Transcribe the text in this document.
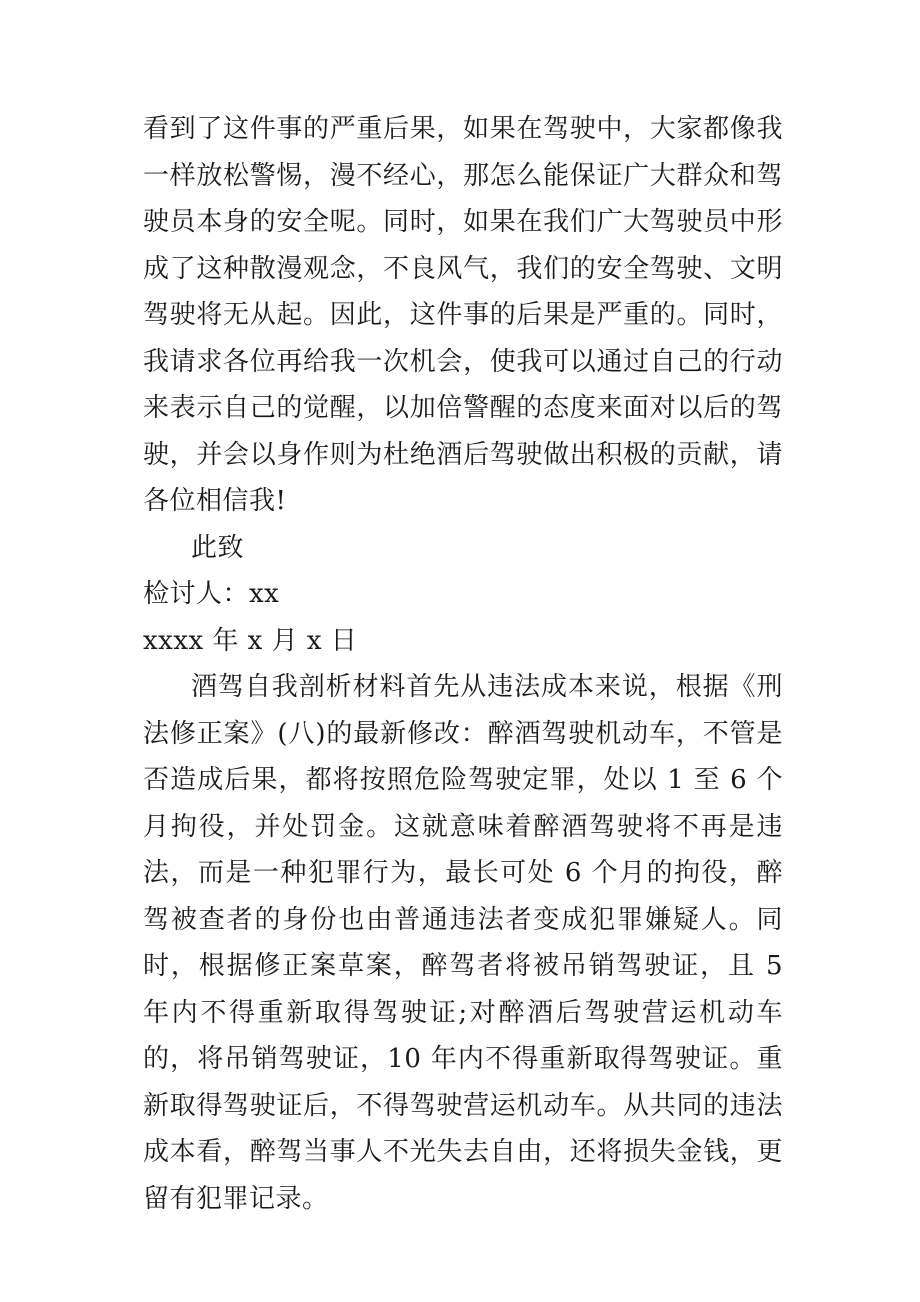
看到了这件事的严重后果，如果在驾驶中，大家都像我一样放松警惕，漫不经心，那怎么能保证广大群众和驾驶员本身的安全呢。同时，如果在我们广大驾驶员中形成了这种散漫观念，不良风气，我们的安全驾驶、文明驾驶将无从起。因此，这件事的后果是严重的。同时，我请求各位再给我一次机会，使我可以通过自己的行动来表示自己的觉醒，以加倍警醒的态度来面对以后的驾驶，并会以身作则为杜绝酒后驾驶做出积极的贡献，请各位相信我!

此致

检讨人：xx

xxxx 年 x 月 x 日

酒驾自我剖析材料首先从违法成本来说，根据《刑法修正案》(八)的最新修改：醉酒驾驶机动车，不管是否造成后果，都将按照危险驾驶定罪，处以 1 至 6 个月拘役，并处罚金。这就意味着醉酒驾驶将不再是违法，而是一种犯罪行为，最长可处 6 个月的拘役，醉驾被查者的身份也由普通违法者变成犯罪嫌疑人。同时，根据修正案草案，醉驾者将被吊销驾驶证，且 5 年内不得重新取得驾驶证;对醉酒后驾驶营运机动车的，将吊销驾驶证，10 年内不得重新取得驾驶证。重新取得驾驶证后，不得驾驶营运机动车。从共同的违法成本看，醉驾当事人不光失去自由，还将损失金钱，更留有犯罪记录。
